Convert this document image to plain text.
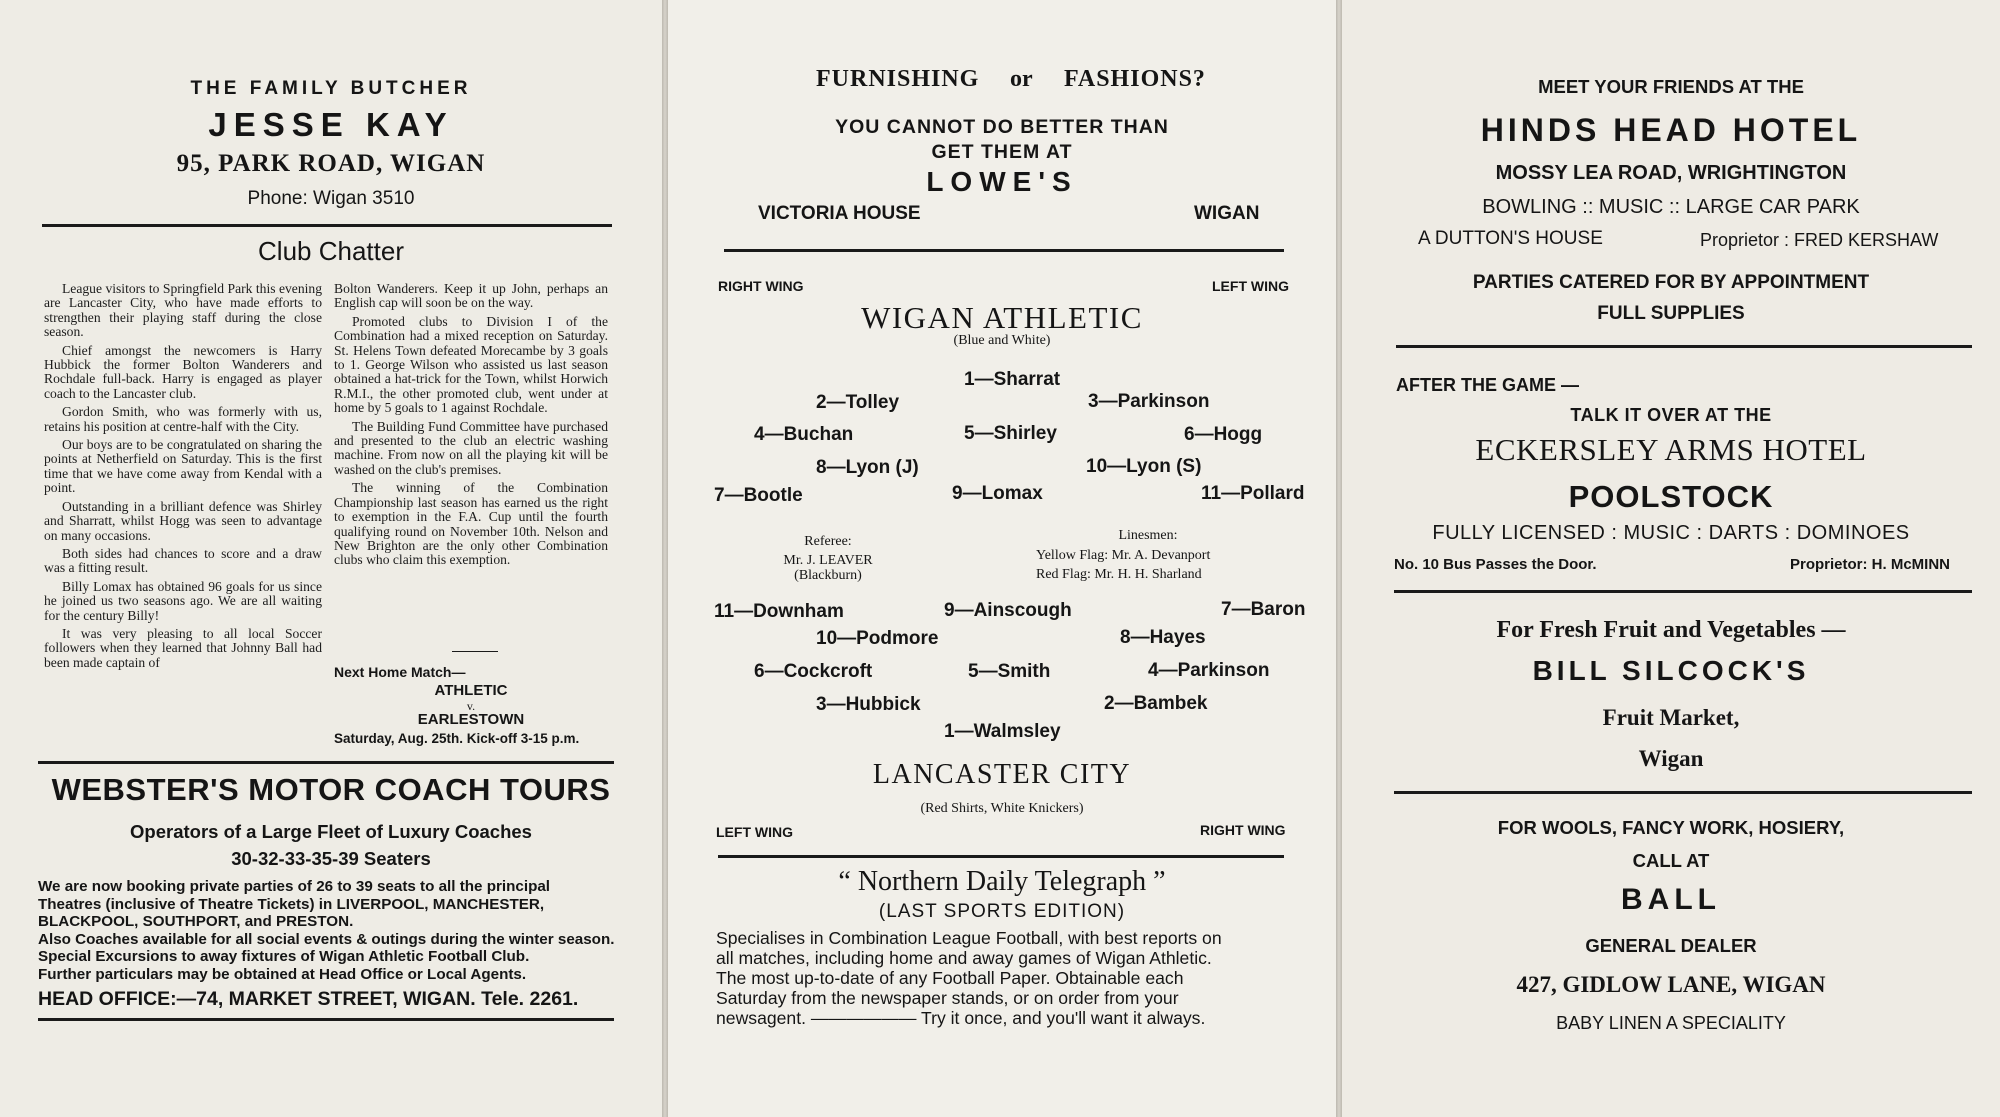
THE FAMILY BUTCHER
JESSE KAY
95, PARK ROAD, WIGAN
Phone: Wigan 3510
Club Chatter

League visitors to Springfield Park this evening are Lancaster City, who have made efforts to strengthen their playing staff during the close season.

Chief amongst the newcomers is Harry Hubbick the former Bolton Wanderers and Rochdale full-back. Harry is engaged as player coach to the Lancaster club.

Gordon Smith, who was formerly with us, retains his position at centre-half with the City.

Our boys are to be congratulated on sharing the points at Netherfield on Saturday. This is the first time that we have come away from Kendal with a point.

Outstanding in a brilliant defence was Shirley and Sharratt, whilst Hogg was seen to advantage on many occasions.

Both sides had chances to score and a draw was a fitting result.

Billy Lomax has obtained 96 goals for us since he joined us two seasons ago. We are all waiting for the century Billy!

It was very pleasing to all local Soccer followers when they learned that Johnny Ball had been made captain of

Bolton Wanderers. Keep it up John, perhaps an English cap will soon be on the way.

Promoted clubs to Division I of the Combination had a mixed reception on Saturday. St. Helens Town defeated Morecambe by 3 goals to 1. George Wilson who assisted us last season obtained a hat-trick for the Town, whilst Horwich R.M.I., the other promoted club, went under at home by 5 goals to 1 against Rochdale.

The Building Fund Committee have purchased and presented to the club an electric washing machine. From now on all the playing kit will be washed on the club's premises.

The winning of the Combination Championship last season has earned us the right to exemption in the F.A. Cup until the fourth qualifying round on November 10th. Nelson and New Brighton are the only other Combination clubs who claim this exemption.

Next Home Match—
ATHLETIC
v.
EARLESTOWN
Saturday, Aug. 25th. Kick-off 3-15 p.m.
WEBSTER'S MOTOR COACH TOURS
Operators of a Large Fleet of Luxury Coaches
30-32-33-35-39 Seaters
We are now booking private parties of 26 to 39 seats to all the principal
Theatres (inclusive of Theatre Tickets) in LIVERPOOL, MANCHESTER,
BLACKPOOL, SOUTHPORT, and PRESTON.
Also Coaches available for all social events & outings during the winter season.
Special Excursions to away fixtures of Wigan Athletic Football Club.
Further particulars may be obtained at Head Office or Local Agents.
HEAD OFFICE:—74, MARKET STREET, WIGAN. Tele. 2261.
FURNISHING or FASHIONS?
YOU CANNOT DO BETTER THAN
GET THEM AT
LOWE'S
VICTORIA HOUSE	WIGAN
RIGHT WING	LEFT WING
WIGAN ATHLETIC
(Blue and White)
1—Sharrat
2—Tolley	3—Parkinson
4—Buchan	5—Shirley	6—Hogg
8—Lyon (J)	10—Lyon (S)
7—Bootle	9—Lomax	11—Pollard
Referee:
Mr. J. LEAVER
(Blackburn)
Linesmen:
Yellow Flag: Mr. A. Devanport
Red Flag: Mr. H. H. Sharland
11—Downham	9—Ainscough	7—Baron
10—Podmore	8—Hayes
6—Cockcroft	5—Smith	4—Parkinson
3—Hubbick	2—Bambek
1—Walmsley
LANCASTER CITY
(Red Shirts, White Knickers)
LEFT WING	RIGHT WING
“ Northern Daily Telegraph ”
(LAST SPORTS EDITION)
Specialises in Combination League Football, with best reports on
all matches, including home and away games of Wigan Athletic.
The most up-to-date of any Football Paper. Obtainable each
Saturday from the newspaper stands, or on order from your
newsagent. —————— Try it once, and you'll want it always.
MEET YOUR FRIENDS AT THE
HINDS HEAD HOTEL
MOSSY LEA ROAD, WRIGHTINGTON
BOWLING :: MUSIC :: LARGE CAR PARK
A DUTTON'S HOUSE	Proprietor : FRED KERSHAW
PARTIES CATERED FOR BY APPOINTMENT
FULL SUPPLIES
AFTER THE GAME —
TALK IT OVER AT THE
ECKERSLEY ARMS HOTEL
POOLSTOCK
FULLY LICENSED : MUSIC : DARTS : DOMINOES
No. 10 Bus Passes the Door.	Proprietor: H. McMINN
For Fresh Fruit and Vegetables —
BILL SILCOCK'S
Fruit Market,
Wigan
FOR WOOLS, FANCY WORK, HOSIERY,
CALL AT
BALL
GENERAL DEALER
427, GIDLOW LANE, WIGAN
BABY LINEN A SPECIALITY
